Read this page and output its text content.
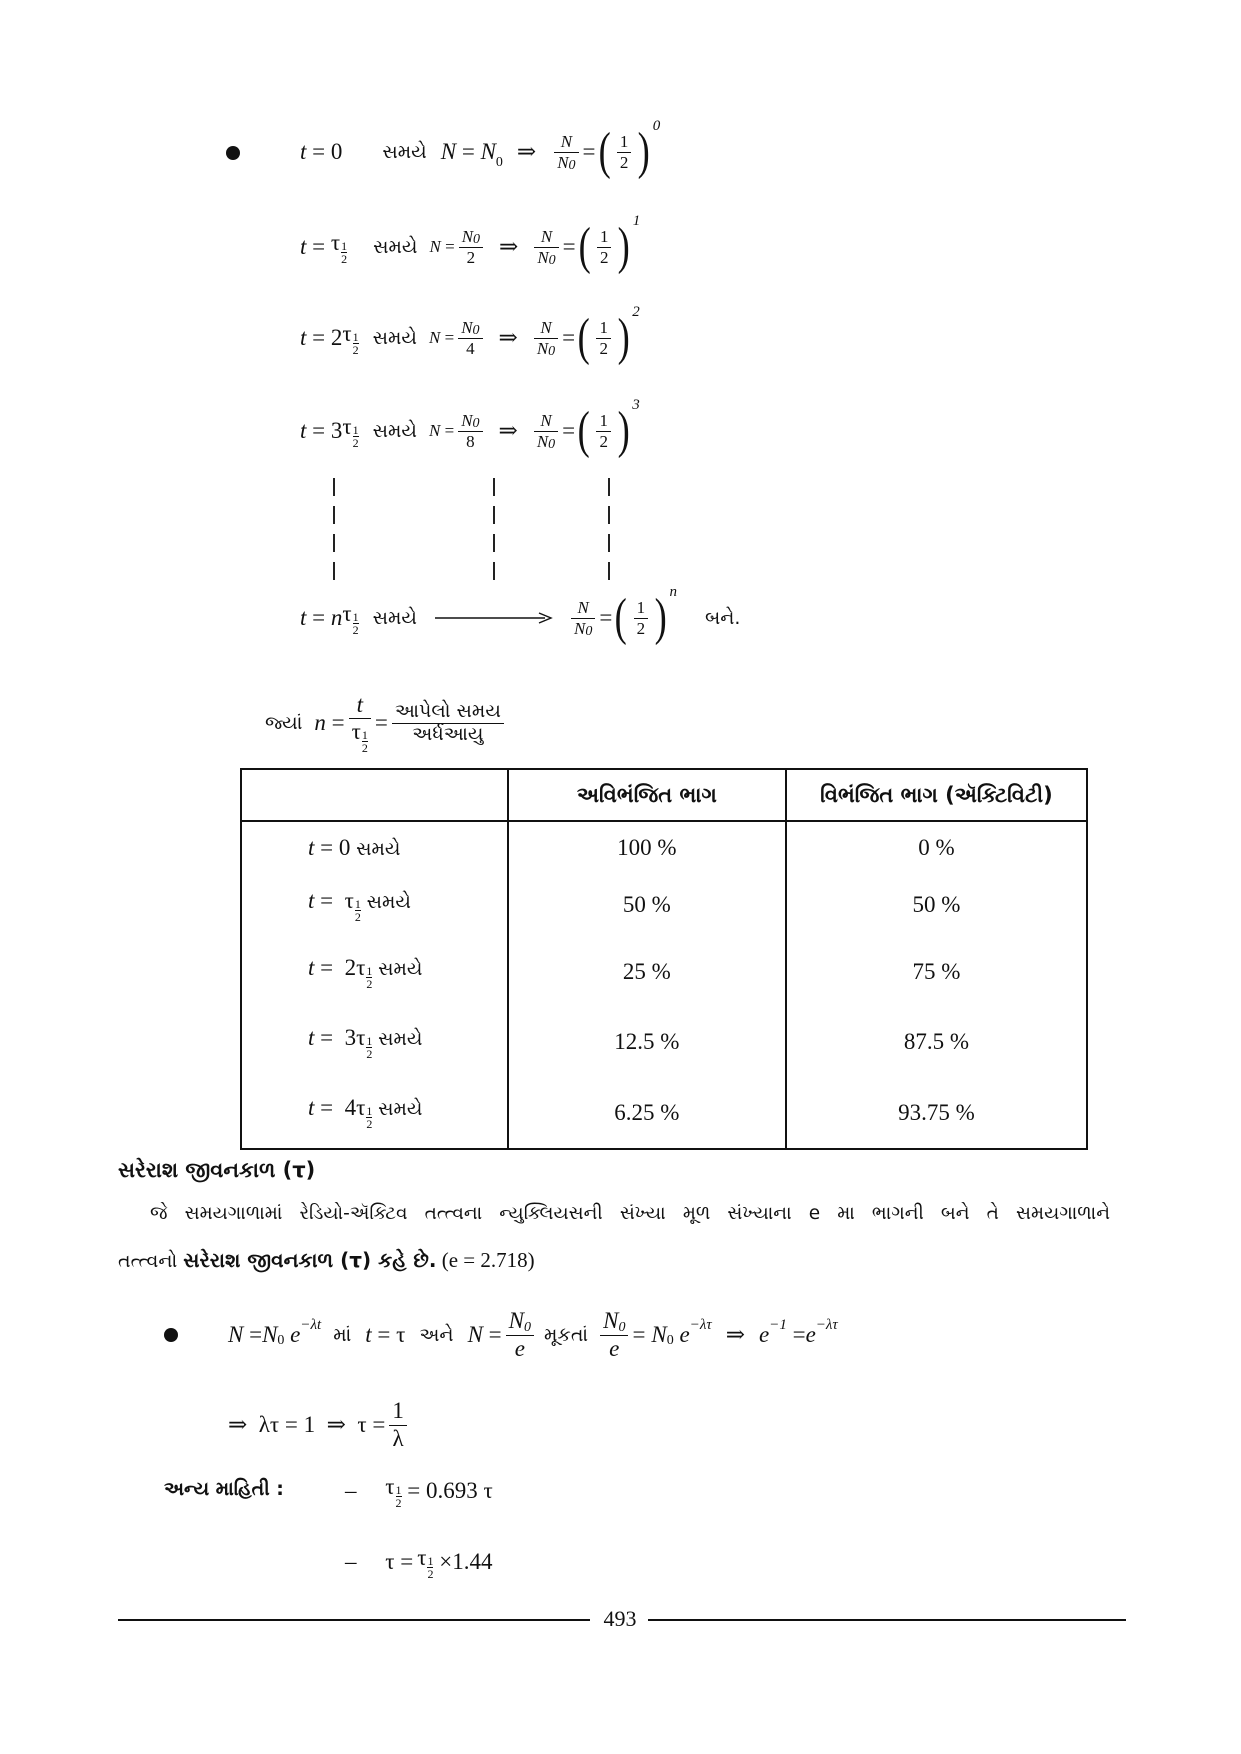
t = 0 સમયે $N = N_0$ ⇒ $\frac{N}{N0}$ = ( $\frac{1}{2}$ ) 0
t = τ 1
2
સમયે $N = \frac{N0}{2}$ ⇒ $\frac{N}{N0}$ = ( $\frac{1}{2}$ ) 1
t = 2 τ 1
2
સમયે $N = \frac{N0}{4}$ ⇒ $\frac{N}{N0}$ = ( $\frac{1}{2}$ ) 2
t = 3 τ 1
2
સમયે $N = \frac{N0}{8}$ ⇒ $\frac{N}{N0}$ = ( $\frac{1}{2}$ ) 3
t = n τ 1
2
સમયે	$\frac{N}{N0}$ = ( $\frac{1}{2}$ ) n
બને.
જ્યાં n = t
τ 1
$2 = \frac{\text{આપેલો સમય}}{\text{અર્ધઆયુ}}$
	અવિભંજિત ભાગ	વિભંજિત ભાગ (ઍક્ટિવિટી)
t = 0 સમયે	100 %	0 %
t =  τ 1
2
સમયે	50 %	50 %
t =  2τ 1
2
સમયે	25 %	75 %
t =  3τ 1
2
સમયે	12.5 %	87.5 %
t =  4τ 1
2
સમયે	6.25 %	93.75 %
સરેરાશ જીવનકાળ (τ)
જે સમયગાળામાં રેડિયો-ઍક્ટિવ તત્ત્વના ન્યુક્લિયસની સંખ્યા મૂળ સંખ્યાના e મા ભાગની બને તે સમયગાળાને
તત્ત્વનો સરેરાશ જીવનકાળ (τ) કહે છે. (e = 2.718)
N = N 0
e −λt માં t = τ અને $N = \frac{N0}{e}$ મૂકતાં $\frac{N0}{e} = N$ 0
e −λτ ⇒ e −1 = e −λτ
⇒  λτ = 1  ⇒  $\tau = \frac{1}{\lambda}$
અન્ય માહિતી :	– τ 1
2
= 0.693 τ
–     τ = τ 1
2
×1.44
493
